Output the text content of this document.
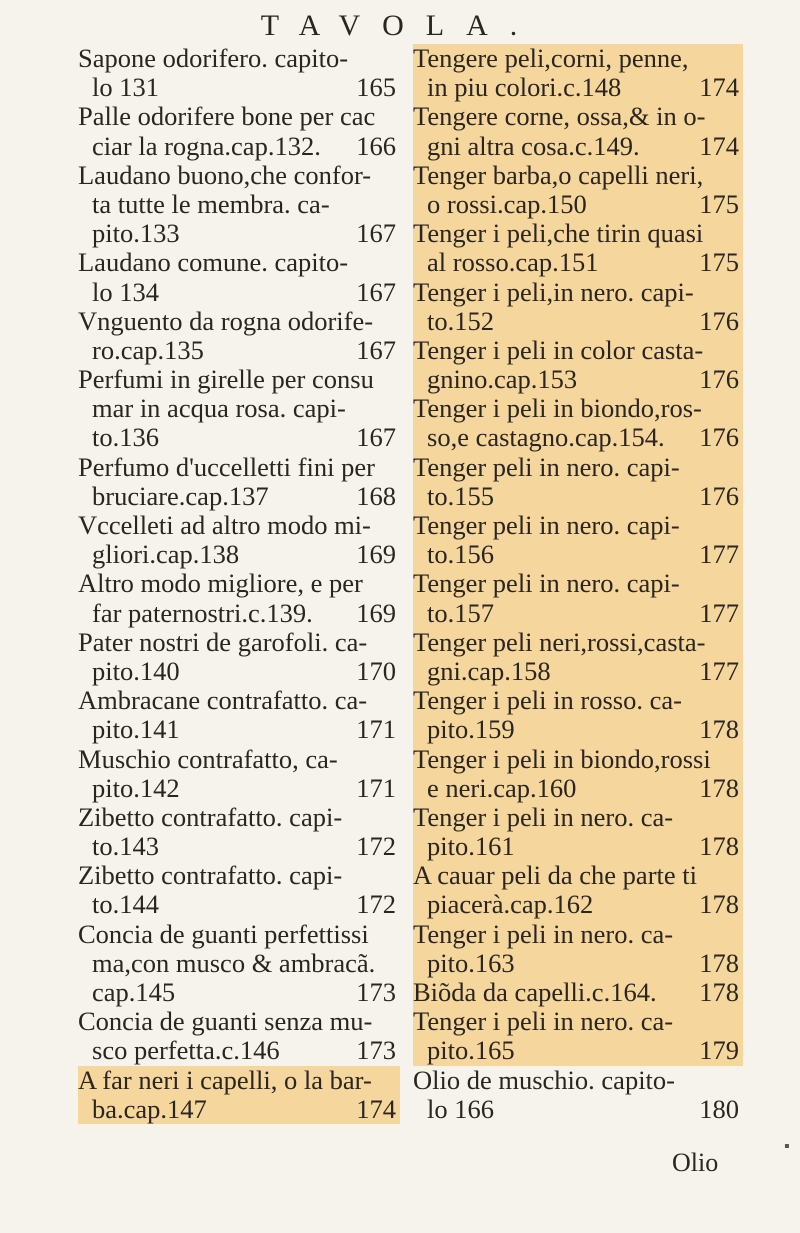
TAVOLA.
Sapone odorifero. capito-
lo 131	165
Palle odorifere bone per cac
ciar la rogna.cap.132. 166
Laudano buono,che confor-
ta tutte le membra. ca-
pito.133	167
Laudano comune. capito-
lo 134	167
Vnguento da rogna odorife-
ro.cap.135	167
Perfumi in girelle per consu
mar in acqua rosa. capi-
to.136	167
Perfumo d'uccelletti fini per
bruciare.cap.137	168
Vccelleti ad altro modo mi-
gliori.cap.138	169
Altro modo migliore, e per
far paternostri.c.139. 169
Pater nostri de garofoli. ca-
pito.140	170
Ambracane contrafatto. ca-
pito.141	171
Muschio contrafatto, ca-
pito.142	171
Zibetto contrafatto. capi-
to.143	172
Zibetto contrafatto. capi-
to.144	172
Concia de guanti perfettissi
ma,con musco & ambracã.
cap.145	173
Concia de guanti senza mu-
sco perfetta.c.146	173
A far neri i capelli, o la bar-
ba.cap.147	174
Tengere peli,corni, penne,
in piu colori.c.148	174
Tengere corne, ossa,& in o-
gni altra cosa.c.149. 174
Tenger barba,o capelli neri,
o rossi.cap.150	175
Tenger i peli,che tirin quasi
al rosso.cap.151	175
Tenger i peli,in nero. capi-
to.152	176
Tenger i peli in color casta-
gnino.cap.153	176
Tenger i peli in biondo,ros-
so,e castagno.cap.154. 176
Tenger peli in nero. capi-
to.155	176
Tenger peli in nero. capi-
to.156	177
Tenger peli in nero. capi-
to.157	177
Tenger peli neri,rossi,casta-
gni.cap.158	177
Tenger i peli in rosso. ca-
pito.159	178
Tenger i peli in biondo,rossi
e neri.cap.160	178
Tenger i peli in nero. ca-
pito.161	178
A cauar peli da che parte ti
piacerà.cap.162	178
Tenger i peli in nero. ca-
pito.163	178
Biõda da capelli.c.164. 178
Tenger i peli in nero. ca-
pito.165	179
Olio de muschio. capito-
lo 166	180
Olio
▪
